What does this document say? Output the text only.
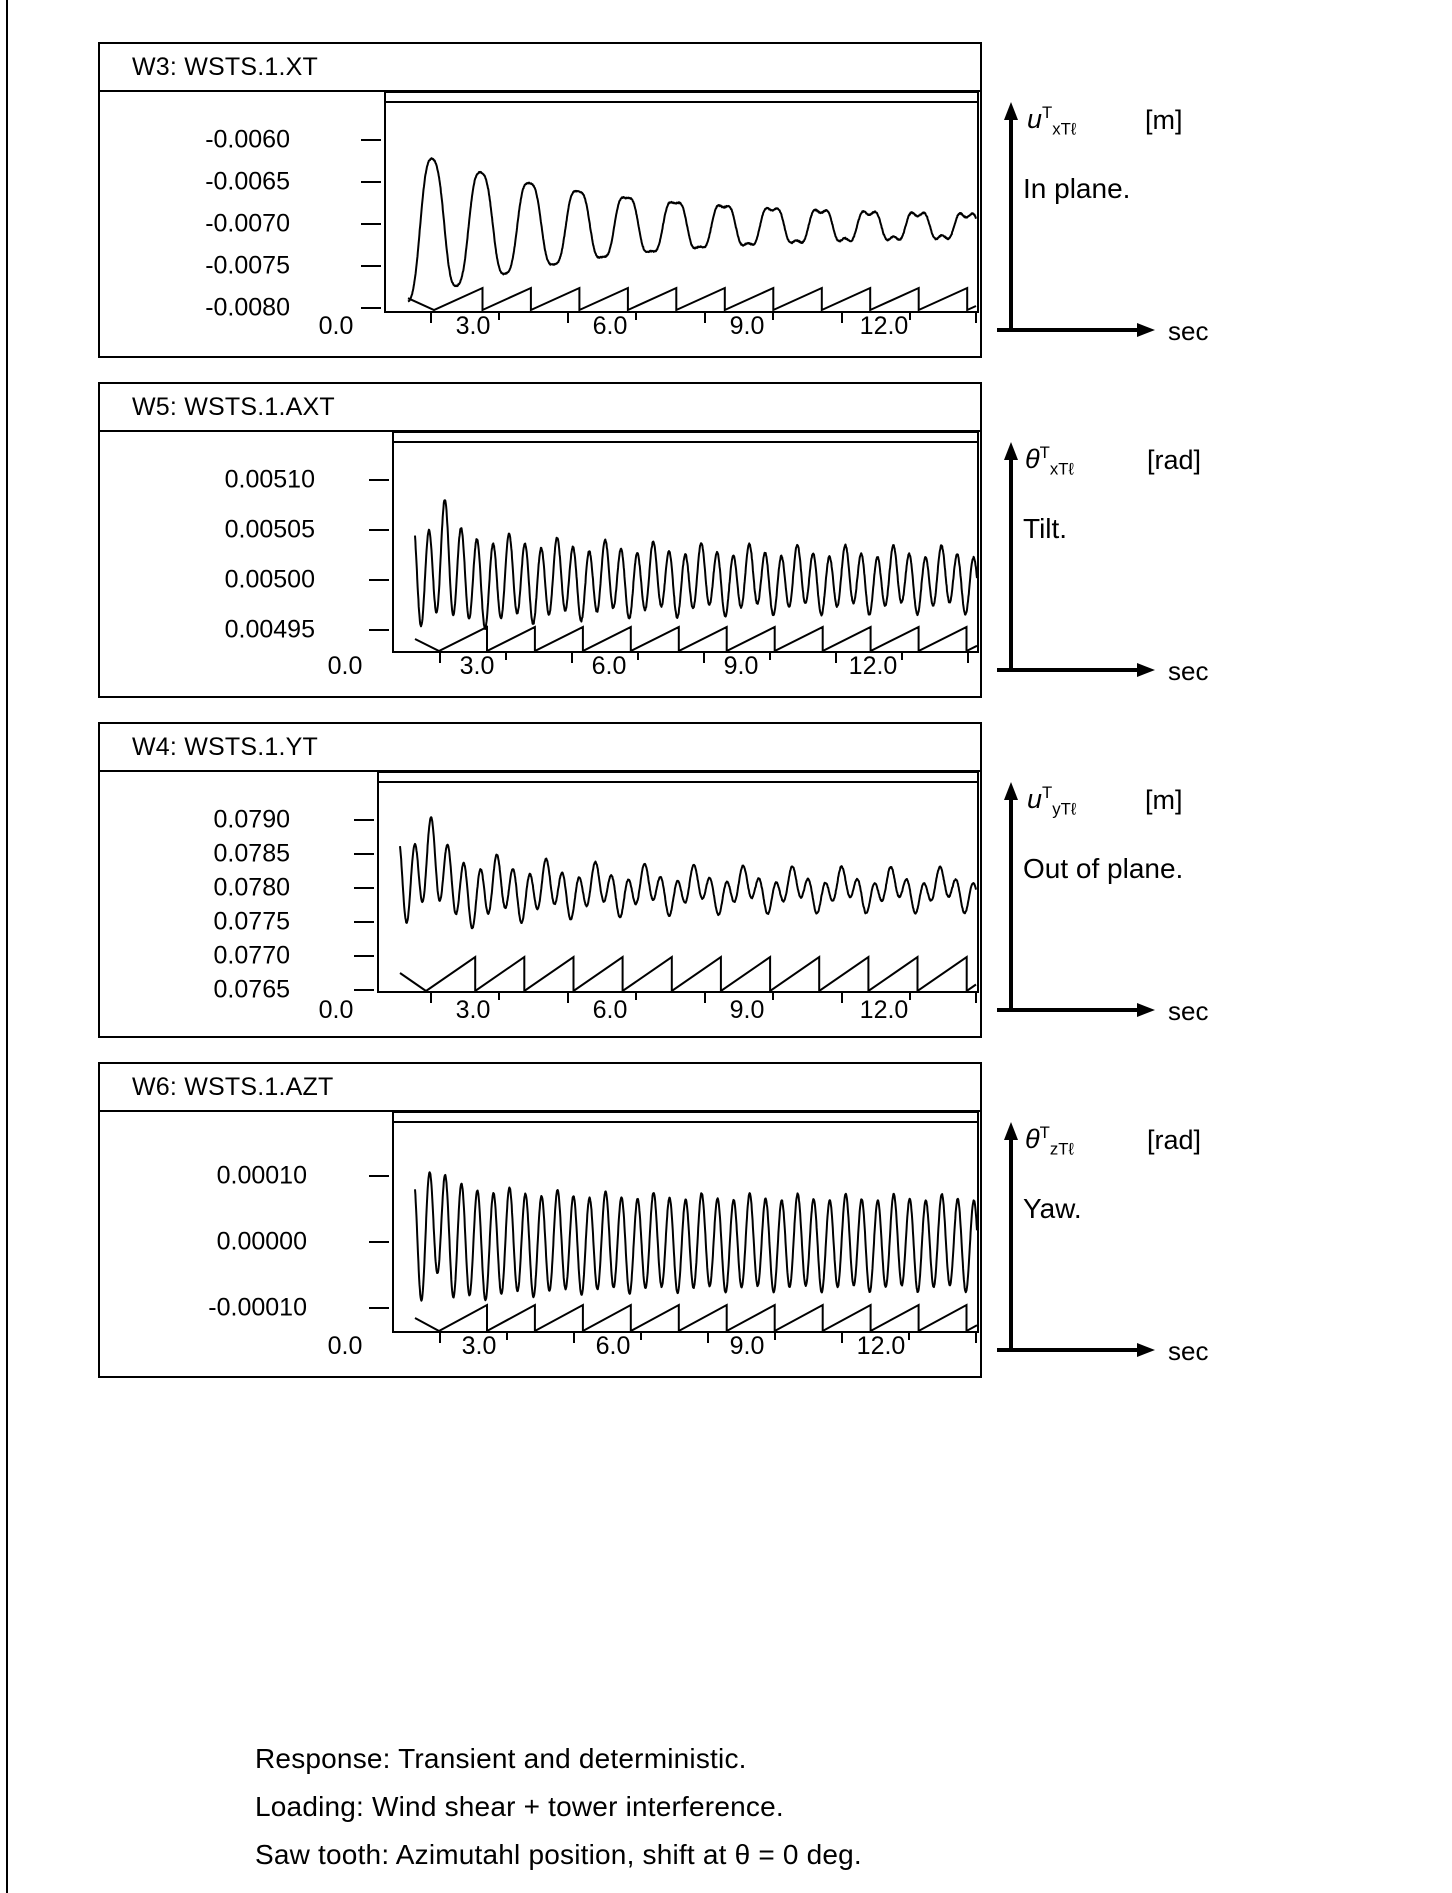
W3: WSTS.1.XT
-0.0060
-0.0065
-0.0070
-0.0075
-0.0080
0.0	3.0	6.0	9.0	12.0
$u^T_{xT\ell}$	[m]
In plane.
sec
W5: WSTS.1.AXT
0.00510
0.00505
0.00500
0.00495
0.0	3.0	6.0	9.0	12.0
$\theta^T_{xT\ell}$	[rad]
Tilt.
sec
W4: WSTS.1.YT
0.0790
0.0785
0.0780
0.0775
0.0770
0.0765
0.0	3.0	6.0	9.0	12.0
$u^T_{yT\ell}$	[m]
Out of plane.
sec
W6: WSTS.1.AZT
0.00010
0.00000
-0.00010
0.0	3.0	6.0	9.0	12.0
$\theta^T_{zT\ell}$	[rad]
Yaw.
sec
Response: Transient and deterministic.
Loading: Wind shear + tower interference.
Saw tooth: Azimutahl position, shift at θ = 0 deg.
